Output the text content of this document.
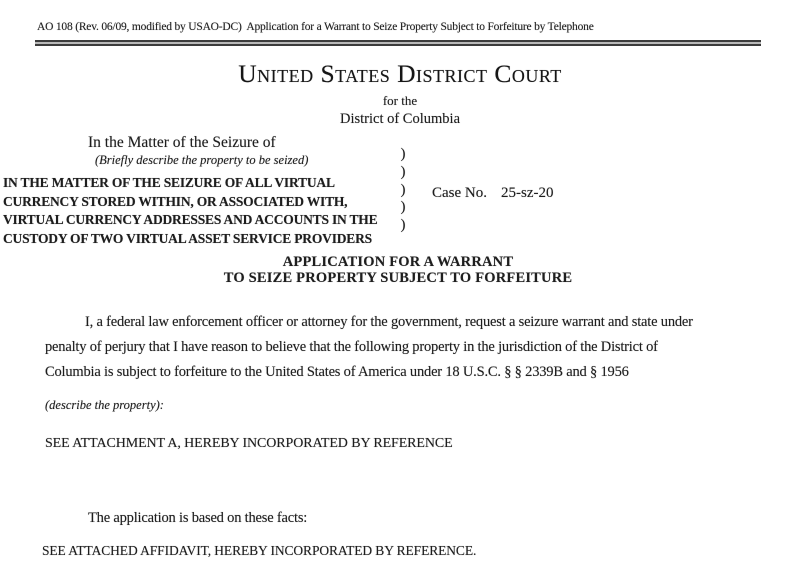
AO 108 (Rev. 06/09, modified by USAO-DC)  Application for a Warrant to Seize Property Subject to Forfeiture by Telephone
United States District Court
for the
District of Columbia
In the Matter of the Seizure of
(Briefly describe the property to be seized)
IN THE MATTER OF THE SEIZURE OF ALL VIRTUAL
CURRENCY STORED WITHIN, OR ASSOCIATED WITH,
VIRTUAL CURRENCY ADDRESSES AND ACCOUNTS IN THE
CUSTODY OF TWO VIRTUAL ASSET SERVICE PROVIDERS
)
)
)
)
)
Case No. 25-sz-20
APPLICATION FOR A WARRANT
TO SEIZE PROPERTY SUBJECT TO FORFEITURE
I, a federal law enforcement officer or attorney for the government, request a seizure warrant and state under
penalty of perjury that I have reason to believe that the following property in the jurisdiction of the District of
Columbia is subject to forfeiture to the United States of America under 18 U.S.C. § § 2339B and § 1956
(describe the property):
SEE ATTACHMENT A, HEREBY INCORPORATED BY REFERENCE
The application is based on these facts:
SEE ATTACHED AFFIDAVIT, HEREBY INCORPORATED BY REFERENCE.
